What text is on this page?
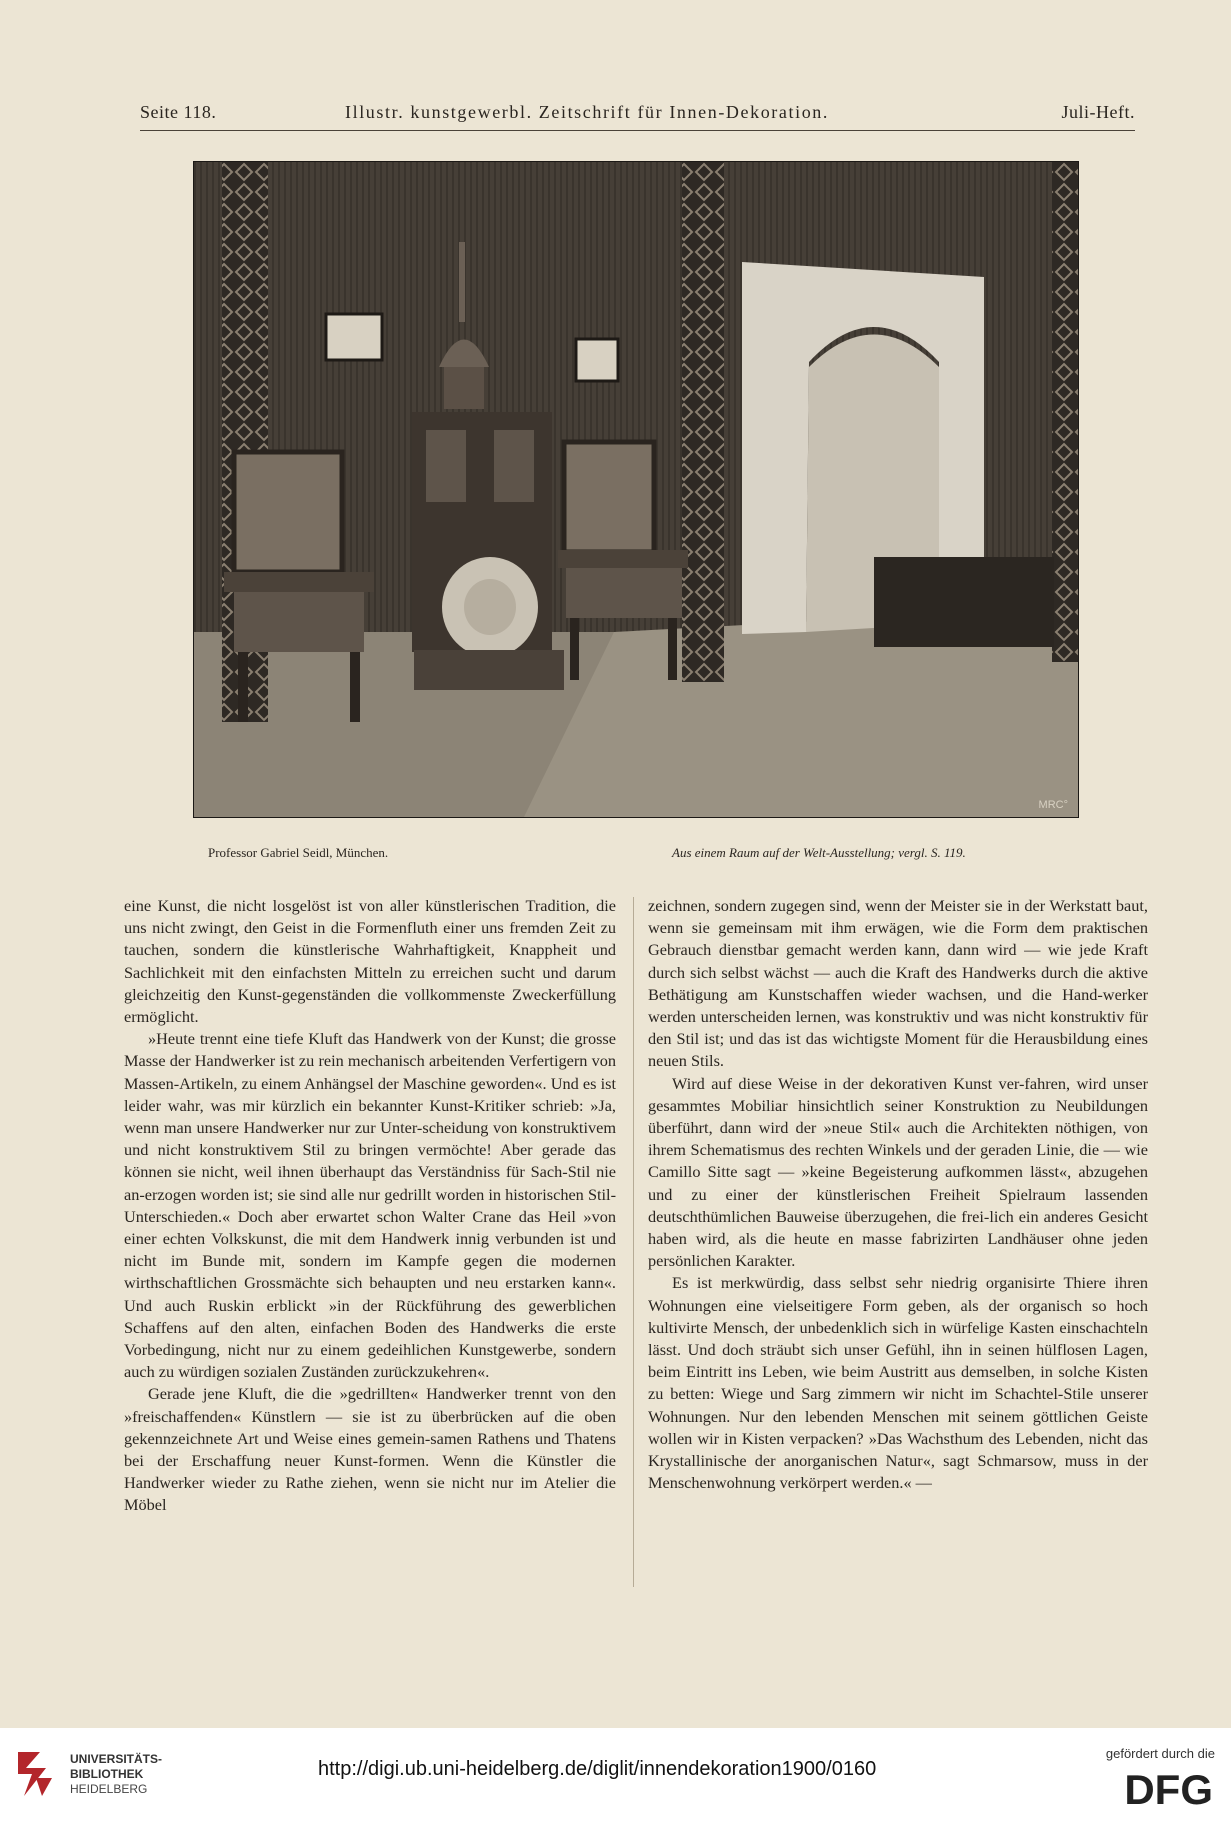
Seite 118.	Illustr. kunstgewerbl. Zeitschrift für Innen-Dekoration.	Juli-Heft.
MRC°
Professor Gabriel Seidl, München.	Aus einem Raum auf der Welt-Ausstellung; vergl. S. 119.

eine Kunst, die nicht losgelöst ist von aller künstlerischen Tradition, die uns nicht zwingt, den Geist in die Formenfluth einer uns fremden Zeit zu tauchen, sondern die künstlerische Wahrhaftigkeit, Knappheit und Sachlichkeit mit den einfachsten Mitteln zu erreichen sucht und darum gleichzeitig den Kunst-gegenständen die vollkommenste Zweckerfüllung ermöglicht.

»Heute trennt eine tiefe Kluft das Handwerk von der Kunst; die grosse Masse der Handwerker ist zu rein mechanisch arbeitenden Verfertigern von Massen-Artikeln, zu einem Anhängsel der Maschine geworden«. Und es ist leider wahr, was mir kürzlich ein bekannter Kunst-Kritiker schrieb: »Ja, wenn man unsere Handwerker nur zur Unter-scheidung von konstruktivem und nicht konstruktivem Stil zu bringen vermöchte! Aber gerade das können sie nicht, weil ihnen überhaupt das Verständniss für Sach-Stil nie an-erzogen worden ist; sie sind alle nur gedrillt worden in historischen Stil-Unterschieden.« Doch aber erwartet schon Walter Crane das Heil »von einer echten Volkskunst, die mit dem Handwerk innig verbunden ist und nicht im Bunde mit, sondern im Kampfe gegen die modernen wirthschaftlichen Grossmächte sich behaupten und neu erstarken kann«. Und auch Ruskin erblickt »in der Rückführung des gewerblichen Schaffens auf den alten, einfachen Boden des Handwerks die erste Vorbedingung, nicht nur zu einem gedeihlichen Kunstgewerbe, sondern auch zu würdigen sozialen Zuständen zurückzukehren«.

Gerade jene Kluft, die die »gedrillten« Handwerker trennt von den »freischaffenden« Künstlern — sie ist zu überbrücken auf die oben gekennzeichnete Art und Weise eines gemein-samen Rathens und Thatens bei der Erschaffung neuer Kunst-formen. Wenn die Künstler die Handwerker wieder zu Rathe ziehen, wenn sie nicht nur im Atelier die Möbel

zeichnen, sondern zugegen sind, wenn der Meister sie in der Werkstatt baut, wenn sie gemeinsam mit ihm erwägen, wie die Form dem praktischen Gebrauch dienstbar gemacht werden kann, dann wird — wie jede Kraft durch sich selbst wächst — auch die Kraft des Handwerks durch die aktive Bethätigung am Kunstschaffen wieder wachsen, und die Hand-werker werden unterscheiden lernen, was konstruktiv und was nicht konstruktiv für den Stil ist; und das ist das wichtigste Moment für die Herausbildung eines neuen Stils.

Wird auf diese Weise in der dekorativen Kunst ver-fahren, wird unser gesammtes Mobiliar hinsichtlich seiner Konstruktion zu Neubildungen überführt, dann wird der »neue Stil« auch die Architekten nöthigen, von ihrem Schematismus des rechten Winkels und der geraden Linie, die — wie Camillo Sitte sagt — »keine Begeisterung aufkommen lässt«, abzugehen und zu einer der künstlerischen Freiheit Spielraum lassenden deutschthümlichen Bauweise überzugehen, die frei-lich ein anderes Gesicht haben wird, als die heute en masse fabrizirten Landhäuser ohne jeden persönlichen Karakter.

Es ist merkwürdig, dass selbst sehr niedrig organisirte Thiere ihren Wohnungen eine vielseitigere Form geben, als der organisch so hoch kultivirte Mensch, der unbedenklich sich in würfelige Kasten einschachteln lässt. Und doch sträubt sich unser Gefühl, ihn in seinen hülflosen Lagen, beim Eintritt ins Leben, wie beim Austritt aus demselben, in solche Kisten zu betten: Wiege und Sarg zimmern wir nicht im Schachtel-Stile unserer Wohnungen. Nur den lebenden Menschen mit seinem göttlichen Geiste wollen wir in Kisten verpacken? »Das Wachsthum des Lebenden, nicht das Krystallinische der anorganischen Natur«, sagt Schmarsow, muss in der Menschenwohnung verkörpert werden.« —

UNIVERSITÄTS-
BIBLIOTHEK
HEIDELBERG
http://digi.ub.uni-heidelberg.de/diglit/innendekoration1900/0160
gefördert durch die
DFG
